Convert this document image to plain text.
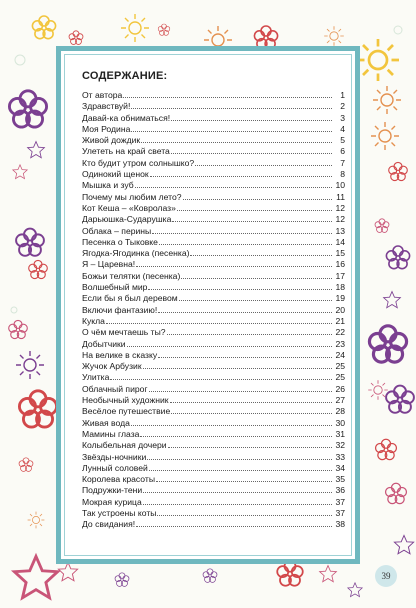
СОДЕРЖАНИЕ:
От автора	1
Здравствуй!	2
Давай-ка обниматься!	3
Моя Родина	4
Живой дождик	5
Улететь на край света	6
Кто будит утром солнышко?	7
Одинокий щенок	8
Мышка и зуб	10
Почему мы любим лето?	11
Кот Кеша – «Ковролаз»	12
Дарьюшка-Сударушка	12
Облака – перины	13
Песенка о Тыковке	14
Ягодка-Ягодинка (песенка)	15
Я – Царевна!	16
Божьи телятки (песенка)	17
Волшебный мир	18
Если бы я был деревом	19
Включи фантазию!	20
Кукла	21
О чём мечтаешь ты?	22
Добытчики	23
На велике в сказку	24
Жучок Арбузик	25
Улитка	25
Облачный пирог	26
Необычный художник	27
Весёлое путешествие	28
Живая вода	30
Мамины глаза	31
Колыбельная дочери	32
Звёзды-ночники	33
Лунный соловей	34
Королева красоты	35
Подружки-тени	36
Мокрая курица	37
Так устроены коты	37
До свидания!	38
39
